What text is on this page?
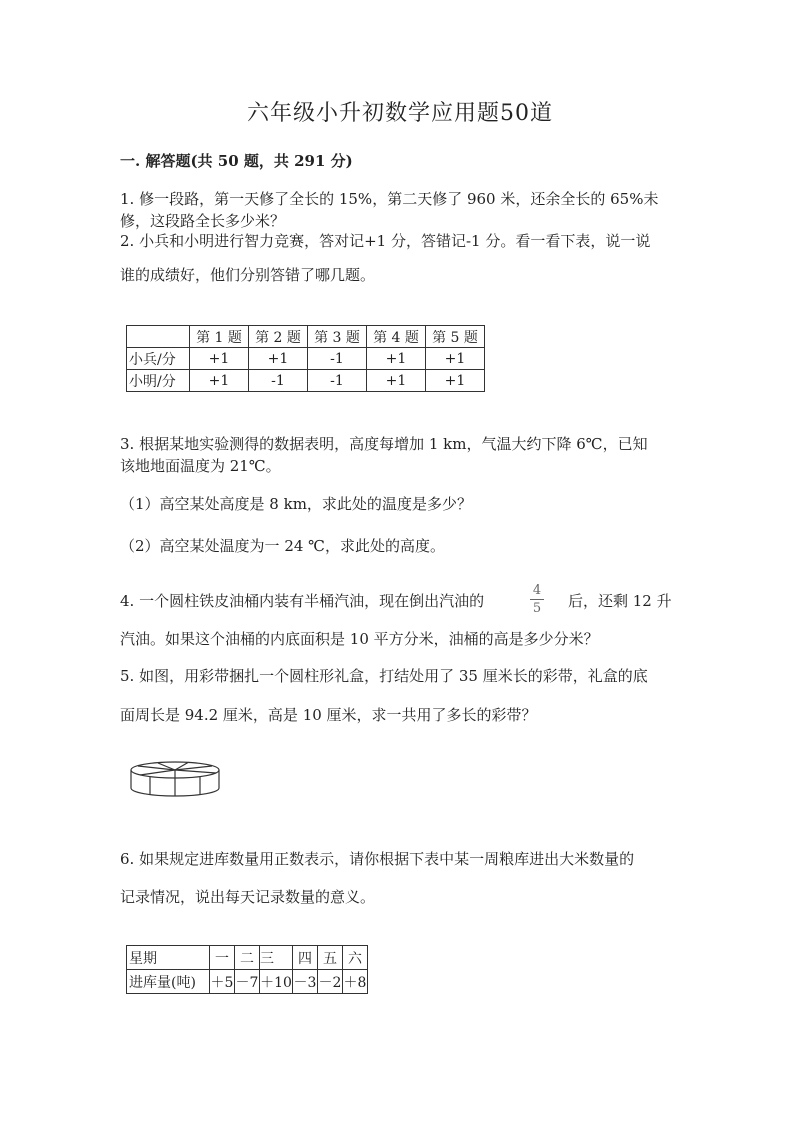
六年级小升初数学应用题50道
一. 解答题(共 50 题，共 291 分)
1. 修一段路，第一天修了全长的 15%，第二天修了 960 米，还余全长的 65%未
修，这段路全长多少米？
2. 小兵和小明进行智力竞赛，答对记+1 分，答错记-1 分。看一看下表，说一说
谁的成绩好，他们分别答错了哪几题。
	第 1 题	第 2 题	第 3 题	第 4 题	第 5 题
小兵/分	+1	+1	-1	+1	+1
小明/分	+1	-1	-1	+1	+1
3. 根据某地实验测得的数据表明，高度每增加 1 km，气温大约下降 6℃，已知
该地地面温度为 21℃。
（1）高空某处高度是 8 km，求此处的温度是多少？
（2）高空某处温度为一 24 ℃，求此处的高度。
4. 一个圆柱铁皮油桶内装有半桶汽油，现在倒出汽油的
4
5 后，还剩 12 升
汽油。如果这个油桶的内底面积是 10 平方分米，油桶的高是多少分米？
5. 如图，用彩带捆扎一个圆柱形礼盒，打结处用了 35 厘米长的彩带，礼盒的底
面周长是 94.2 厘米，高是 10 厘米，求一共用了多长的彩带？
6. 如果规定进库数量用正数表示，请你根据下表中某一周粮库进出大米数量的
记录情况，说出每天记录数量的意义。
星期	一	二	三	四	五	六
进库量(吨)	＋5	－7	＋10	－3	－2	＋8
